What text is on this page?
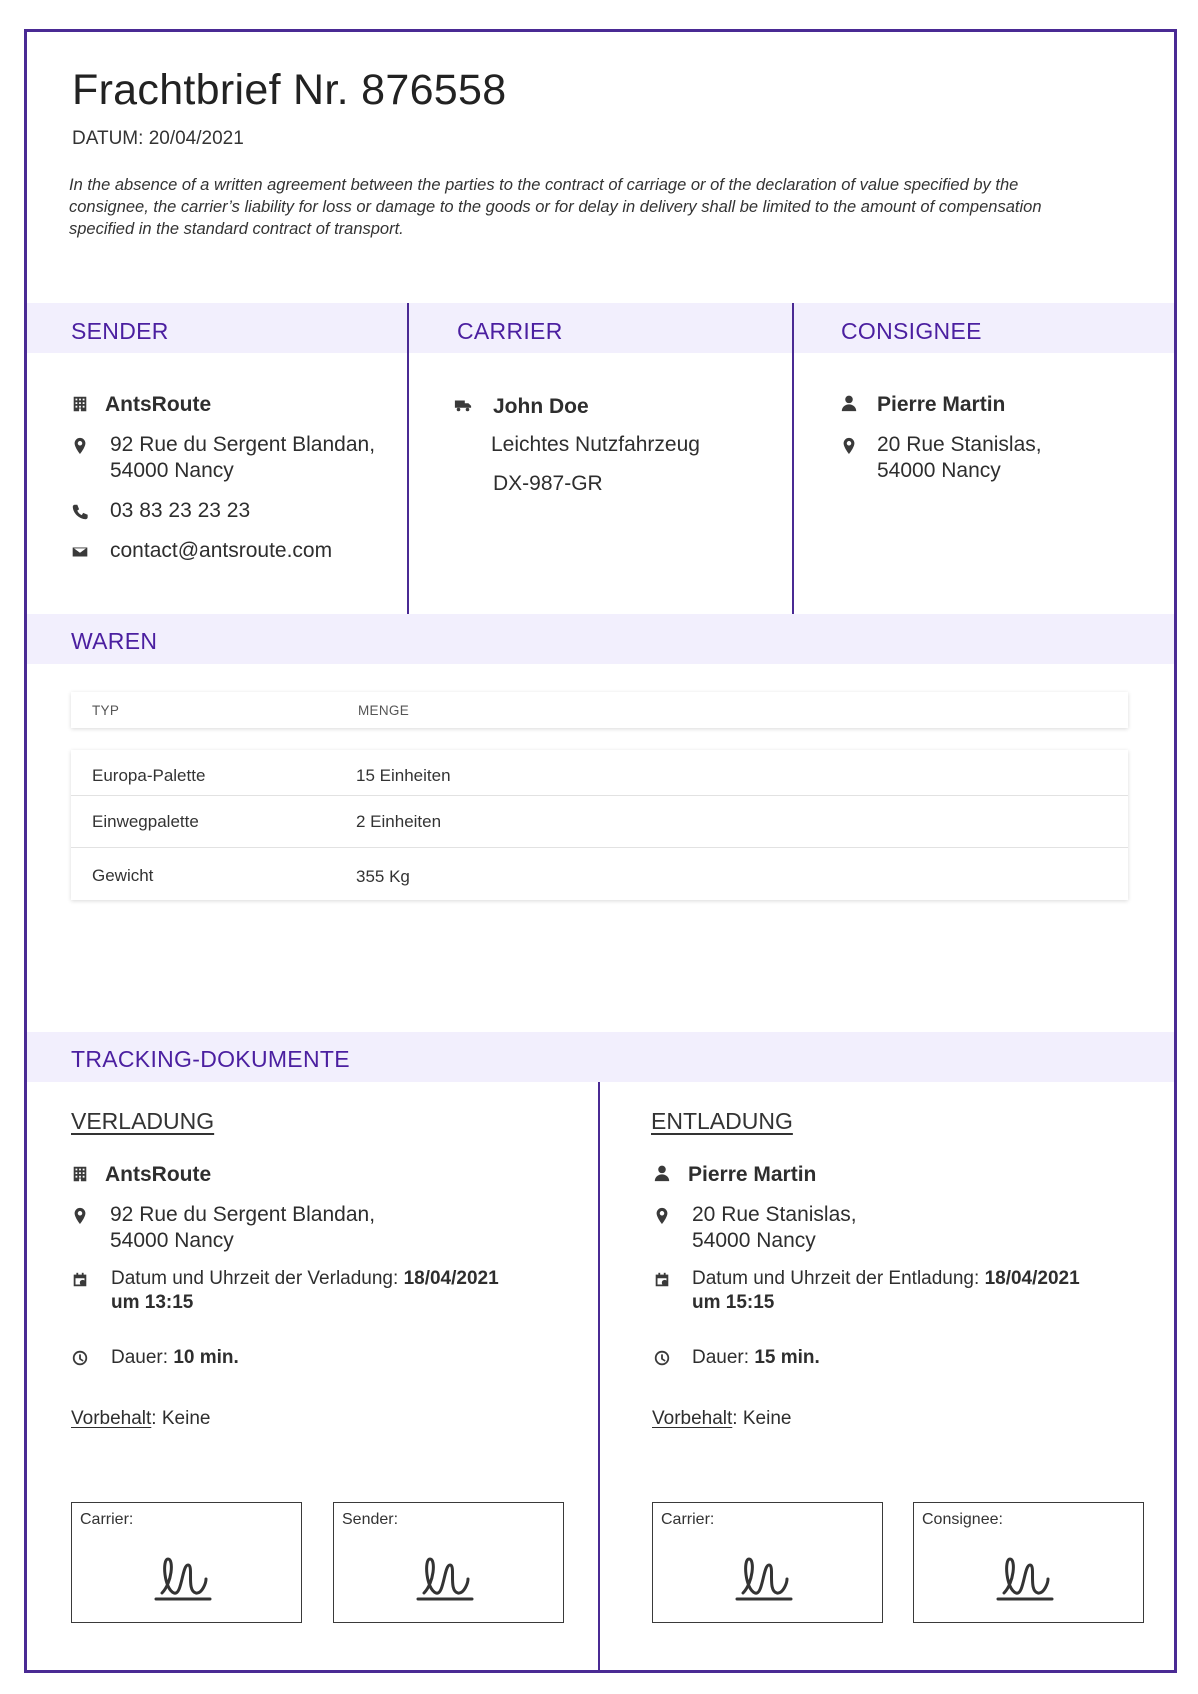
Frachtbrief Nr. 876558
DATUM: 20/04/2021
In the absence of a written agreement between the parties to the contract of carriage or of the declaration of value specified by the consignee, the carrier’s liability for loss or damage to the goods or for delay in delivery shall be limited to the amount of compensation specified in the standard contract of transport.
SENDER	CARRIER	CONSIGNEE
AntsRoute
92 Rue du Sergent Blandan,
54000 Nancy
03 83 23 23 23
contact@antsroute.com
John Doe
Leichtes Nutzfahrzeug
DX-987-GR
Pierre Martin
20 Rue Stanislas,
54000 Nancy
WAREN
TYP	MENGE
Europa-Palette	15 Einheiten
Einwegpalette	2 Einheiten
Gewicht	355 Kg
TRACKING-DOKUMENTE
VERLADUNG
AntsRoute
92 Rue du Sergent Blandan,
54000 Nancy
Datum und Uhrzeit der Verladung: 18/04/2021
um 13:15
Dauer: 10 min.
Vorbehalt: Keine
Carrier:	Sender:
ENTLADUNG
Pierre Martin
20 Rue Stanislas,
54000 Nancy
Datum und Uhrzeit der Entladung: 18/04/2021
um 15:15
Dauer: 15 min.
Vorbehalt: Keine
Carrier:	Consignee:
